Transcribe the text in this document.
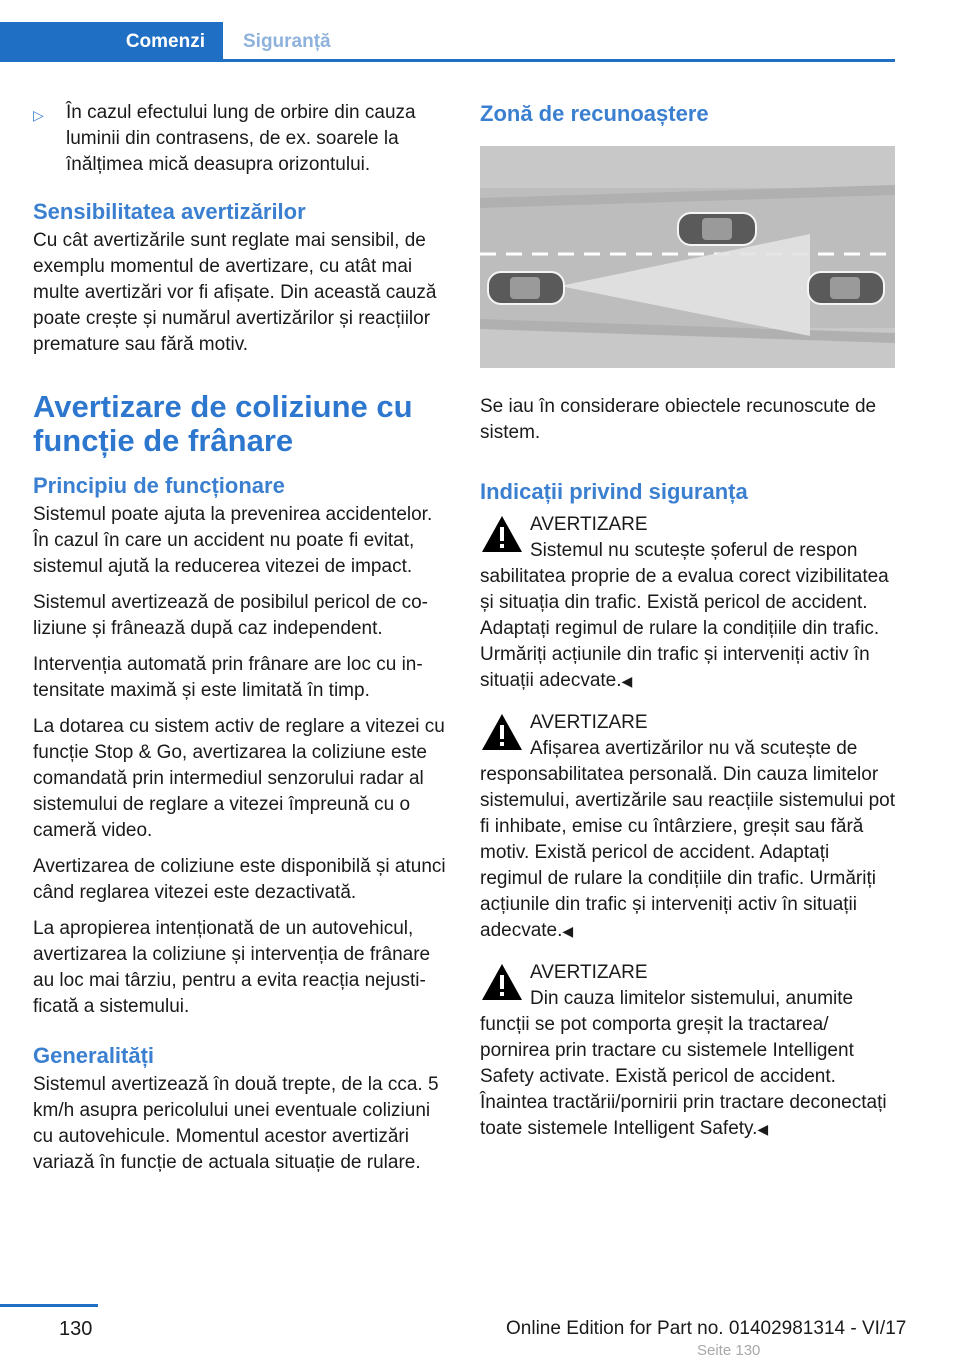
Comenzi Siguranță
▷	În cazul efectului lung de orbire din cauza luminii din contrasens, de ex. soarele la înălțimea mică deasupra orizontului.
Sensibilitatea avertizărilor

Cu cât avertizările sunt reglate mai sensibil, de exemplu momentul de avertizare, cu atât mai multe avertizări vor fi afișate. Din această cauză poate crește și numărul avertizărilor și reacțiilor premature sau fără motiv.

Avertizare de coliziune cu funcție de frânare
Principiu de funcționare

Sistemul poate ajuta la prevenirea accidentelor. În cazul în care un accident nu poate fi evitat, sistemul ajută la reducerea vitezei de impact.

Sistemul avertizează de posibilul pericol de coliziune și frânează după caz independent.

Intervenția automată prin frânare are loc cu intensitate maximă și este limitată în timp.

La dotarea cu sistem activ de reglare a vitezei cu funcție Stop & Go, avertizarea la coliziune este comandată prin intermediul senzorului radar al sistemului de reglare a vitezei împreună cu o cameră video.

Avertizarea de coliziune este disponibilă și atunci când reglarea vitezei este dezactivată.

La apropierea intenționată de un autovehicul, avertizarea la coliziune și intervenția de frânare au loc mai târziu, pentru a evita reacția nejustificată a sistemului.

Generalități

Sistemul avertizează în două trepte, de la cca. 5 km/h asupra pericolului unei eventuale coliziuni cu autovehicule. Momentul acestor avertizări variază în funcție de actuala situație de rulare.

Zonă de recunoaștere

Se iau în considerare obiectele recunoscute de sistem.

Indicații privind siguranța
AVERTIZARE
Sistemul nu scutește șoferul de respon
sabilitatea proprie de a evalua corect vizibilitatea și situația din trafic. Există pericol de accident. Adaptați regimul de rulare la condițiile din trafic. Urmăriți acțiunile din trafic și interveniți activ în situații adecvate.◀
AVERTIZARE
Afișarea avertizărilor nu vă scutește de
responsabilitatea personală. Din cauza limitelor sistemului, avertizările sau reacțiile sistemului pot fi inhibate, emise cu întârziere, greșit sau fără motiv. Există pericol de accident. Adaptați regimul de rulare la condițiile din trafic. Urmăriți acțiunile din trafic și interveniți activ în situații adecvate.◀
AVERTIZARE
Din cauza limitelor sistemului, anumite
funcții se pot comporta greșit la tractarea/ pornirea prin tractare cu sistemele Intelligent Safety activate. Există pericol de accident. Înaintea tractării/pornirii prin tractare deconectați toate sistemele Intelligent Safety.◀
130	Online Edition for Part no. 01402981314 - VI/17
Seite 130
